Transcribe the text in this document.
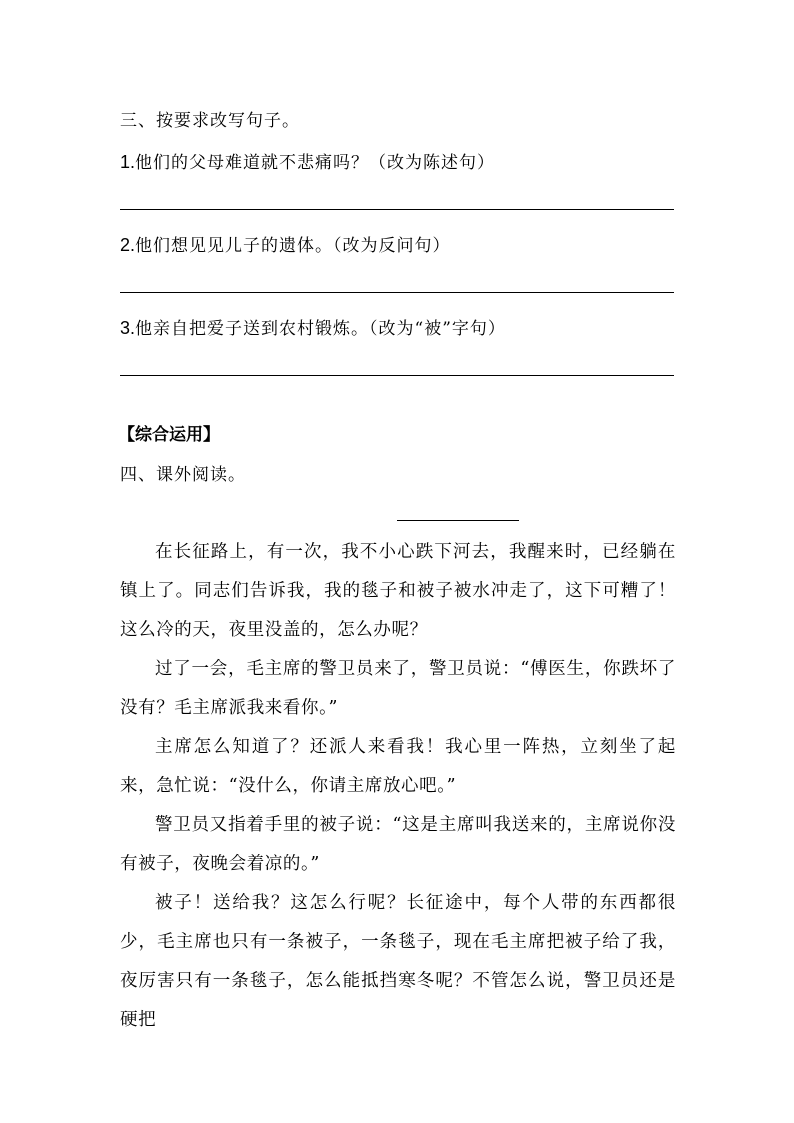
三、按要求改写句子。
1.他们的父母难道就不悲痛吗？（改为陈述句）
2.他们想见见儿子的遗体。（改为反问句）
3.他亲自把爱子送到农村锻炼。（改为“被”字句）
【综合运用】
四、课外阅读。
在长征路上，有一次，我不小心跌下河去，我醒来时，已经躺在镇上了。同志们告诉我，我的毯子和被子被水冲走了，这下可糟了！这么冷的天，夜里没盖的，怎么办呢？
过了一会，毛主席的警卫员来了，警卫员说：“傅医生，你跌坏了没有？毛主席派我来看你。”
主席怎么知道了？还派人来看我！我心里一阵热，立刻坐了起来，急忙说：“没什么，你请主席放心吧。”
警卫员又指着手里的被子说：“这是主席叫我送来的，主席说你没有被子，夜晚会着凉的。”
被子！送给我？这怎么行呢？长征途中，每个人带的东西都很少，毛主席也只有一条被子，一条毯子，现在毛主席把被子给了我，夜厉害只有一条毯子，怎么能抵挡寒冬呢？不管怎么说，警卫员还是硬把
